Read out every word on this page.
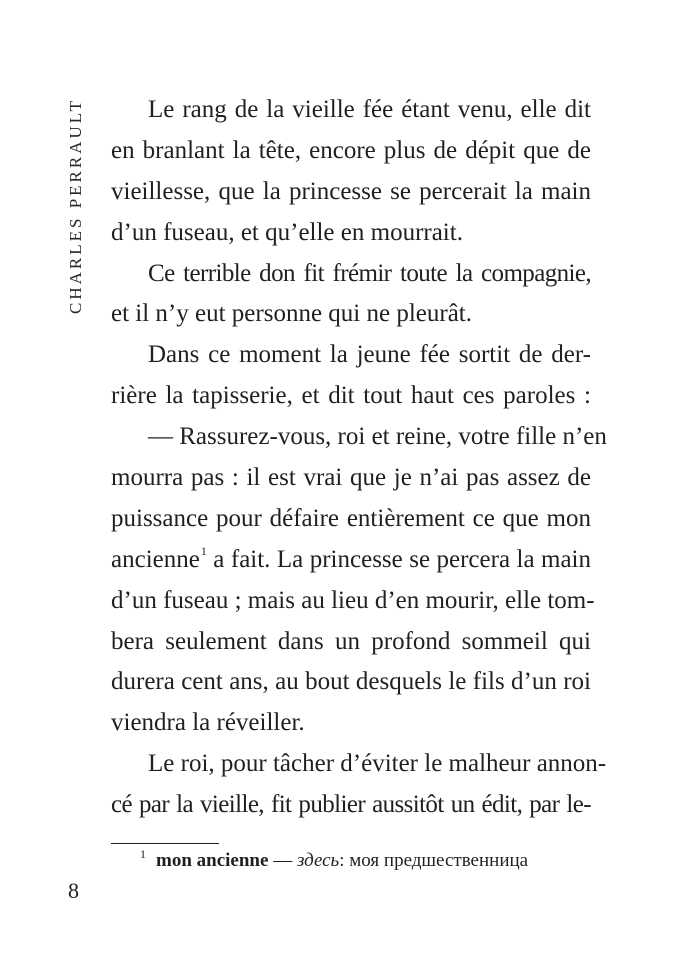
CHARLES PERRAULT	Le rang de la vieille fée étant venu, elle dit
en branlant la tête, encore plus de dépit que de
vieillesse, que la princesse se percerait la main
d’un fuseau, et qu’elle en mourrait.
Ce terrible don fit frémir toute la compagnie,
et il n’y eut personne qui ne pleurât.
Dans ce moment la jeune fée sortit de der-
rière la tapisserie, et dit tout haut ces paroles :
— Rassurez-vous, roi et reine, votre fille n’en
mourra pas : il est vrai que je n’ai pas assez de
puissance pour défaire entièrement ce que mon
ancienne$^1$ a fait. La princesse se percera la main
d’un fuseau ; mais au lieu d’en mourir, elle tom-
bera seulement dans un profond sommeil qui
durera cent ans, au bout desquels le fils d’un roi
viendra la réveiller.
Le roi, pour tâcher d’éviter le malheur annon-
cé par la vieille, fit publier aussitôt un édit, par le-
$^1$ mon ancienne — здесь: моя предшественница
8
